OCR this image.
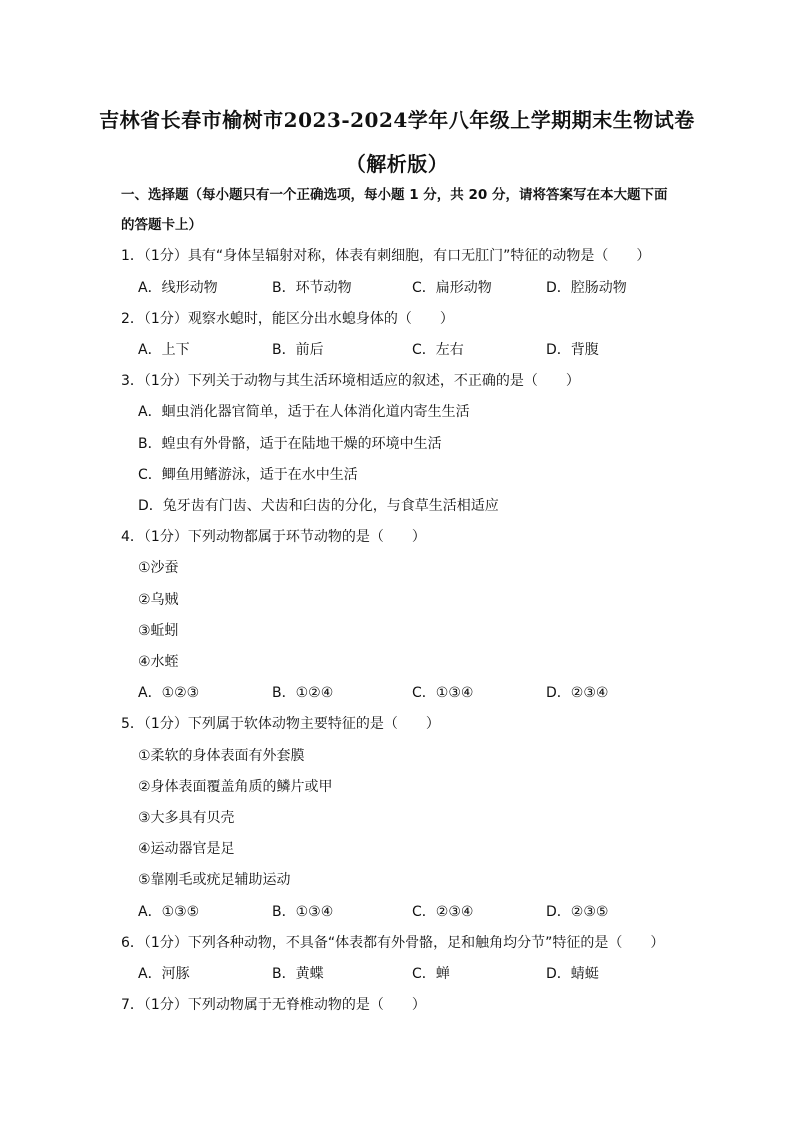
吉林省长春市榆树市2023-2024学年八年级上学期期末生物试卷
（解析版）
一、选择题（每小题只有一个正确选项，每小题 1 分，共 20 分，请将答案写在本大题下面
的答题卡上）
1．（1分）具有“身体呈辐射对称，体表有刺细胞，有口无肛门”特征的动物是（　　）
A．线形动物	B．环节动物	C．扁形动物	D．腔肠动物
2．（1分）观察水螅时，能区分出水螅身体的（　　）
A．上下	B．前后	C．左右	D．背腹
3．（1分）下列关于动物与其生活环境相适应的叙述，不正确的是（　　）
A．蛔虫消化器官简单，适于在人体消化道内寄生生活
B．蝗虫有外骨骼，适于在陆地干燥的环境中生活
C．鲫鱼用鳍游泳，适于在水中生活
D．兔牙齿有门齿、犬齿和臼齿的分化，与食草生活相适应
4．（1分）下列动物都属于环节动物的是（　　）
①沙蚕
②乌贼
③蚯蚓
④水蛭
A．①②③	B．①②④	C．①③④	D．②③④
5．（1分）下列属于软体动物主要特征的是（　　）
①柔软的身体表面有外套膜
②身体表面覆盖角质的鳞片或甲
③大多具有贝壳
④运动器官是足
⑤靠刚毛或疣足辅助运动
A．①③⑤	B．①③④	C．②③④	D．②③⑤
6．（1分）下列各种动物，不具备“体表都有外骨骼，足和触角均分节”特征的是（　　）
A．河豚	B．黄蝶	C．蝉	D．蜻蜓
7．（1分）下列动物属于无脊椎动物的是（　　）
